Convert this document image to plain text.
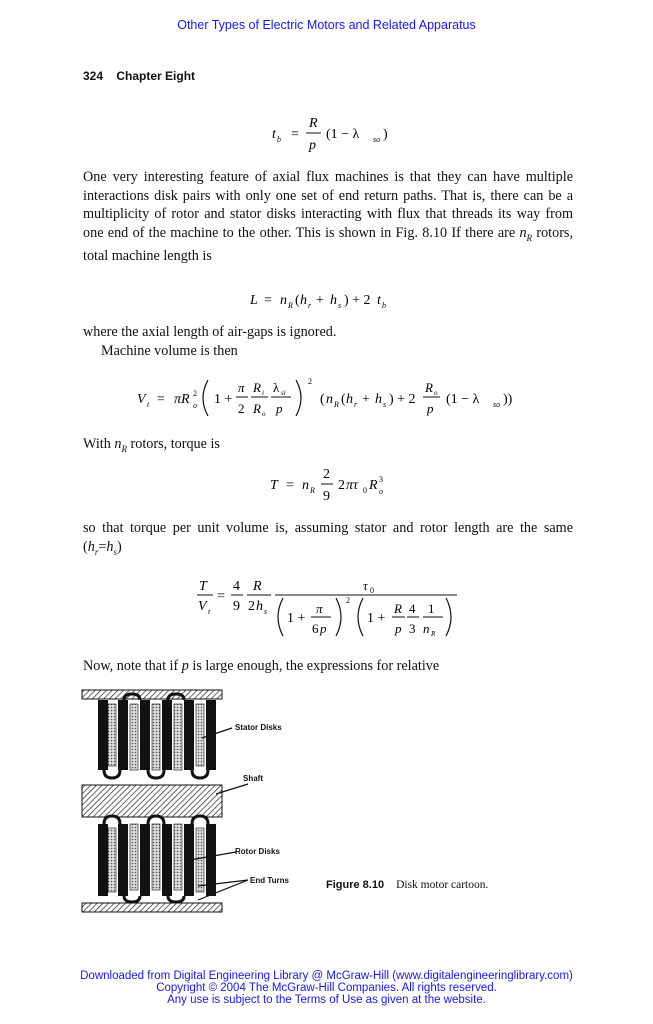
Other Types of Electric Motors and Related Apparatus
324 Chapter Eight
t b =
R
p
(1 − λ so )
One very interesting feature of axial flux machines is that they can have multiple interactions disk pairs with only one set of end return paths. That is, there can be a multiplicity of rotor and stator disks interacting with flux that threads its way from one end of the machine to the other. This is shown in Fig. 8.10 If there are $n_R$ rotors, total machine length is
L = n R ( h r + h s ) + 2 t b
where the axial length of air-gaps is ignored.
Machine volume is then
V t = πR 2
o 1 +
π
2
R i
R o
λ si
p
2
( n R ( h r + h s ) + 2
R o
p
(1 − λ so ))
With $n_R$ rotors, torque is
T = n R
2
9
2 πτ 0 R 3
o
so that torque per unit volume is, assuming stator and rotor length are the same $(h_r=h_s)$
T
V t
=
4
9
R
2 h s
τ 0
1 +
π
6 p
2
1 +
R
p
4
3
1
n R
Now, note that if p is large enough, the expressions for relative
Stator Disks
Shaft
Rotor Disks
End Turns	Figure 8.10 Disk motor cartoon.
Downloaded from Digital Engineering Library @ McGraw-Hill (www.digitalengineeringlibrary.com)
Copyright © 2004 The McGraw-Hill Companies. All rights reserved.
Any use is subject to the Terms of Use as given at the website.
